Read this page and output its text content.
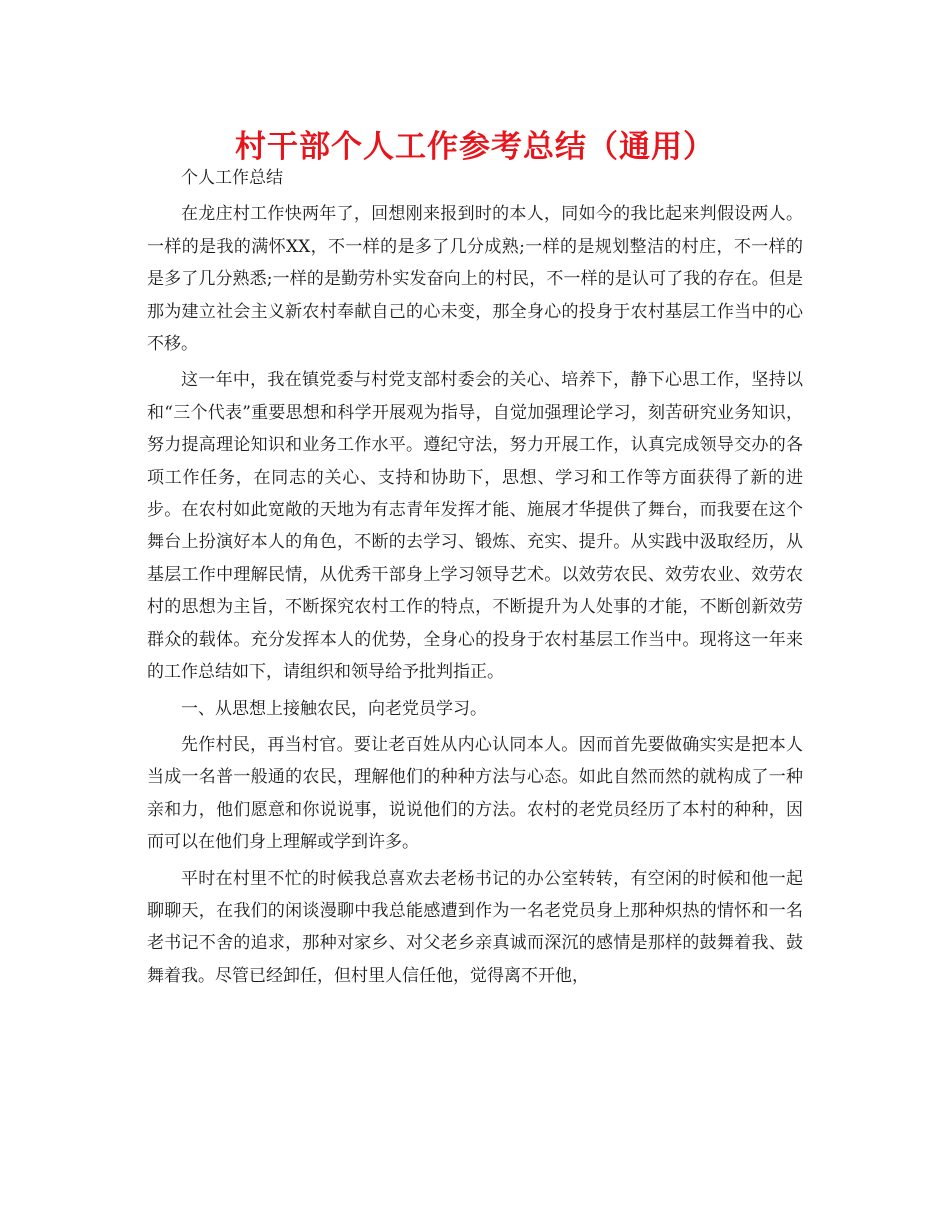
村干部个人工作参考总结（通用）

个人工作总结

在龙庄村工作快两年了，回想刚来报到时的本人，同如今的我比起来判假设两人。一样的是我的满怀XX，不一样的是多了几分成熟;一样的是规划整洁的村庄，不一样的是多了几分熟悉;一样的是勤劳朴实发奋向上的村民，不一样的是认可了我的存在。但是那为建立社会主义新农村奉献自己的心未变，那全身心的投身于农村基层工作当中的心不移。

这一年中，我在镇党委与村党支部村委会的关心、培养下，静下心思工作，坚持以和“三个代表”重要思想和科学开展观为指导，自觉加强理论学习，刻苦研究业务知识，努力提高理论知识和业务工作水平。遵纪守法，努力开展工作，认真完成领导交办的各项工作任务，在同志的关心、支持和协助下，思想、学习和工作等方面获得了新的进步。在农村如此宽敞的天地为有志青年发挥才能、施展才华提供了舞台，而我要在这个舞台上扮演好本人的角色，不断的去学习、锻炼、充实、提升。从实践中汲取经历，从基层工作中理解民情，从优秀干部身上学习领导艺术。以效劳农民、效劳农业、效劳农村的思想为主旨，不断探究农村工作的特点，不断提升为人处事的才能，不断创新效劳群众的载体。充分发挥本人的优势，全身心的投身于农村基层工作当中。现将这一年来的工作总结如下，请组织和领导给予批判指正。

一、从思想上接触农民，向老党员学习。

先作村民，再当村官。要让老百姓从内心认同本人。因而首先要做确实实是把本人当成一名普一般通的农民，理解他们的种种方法与心态。如此自然而然的就构成了一种亲和力，他们愿意和你说说事，说说他们的方法。农村的老党员经历了本村的种种，因而可以在他们身上理解或学到许多。

平时在村里不忙的时候我总喜欢去老杨书记的办公室转转，有空闲的时候和他一起聊聊天，在我们的闲谈漫聊中我总能感遭到作为一名老党员身上那种炽热的情怀和一名老书记不舍的追求，那种对家乡、对父老乡亲真诚而深沉的感情是那样的鼓舞着我、鼓舞着我。尽管已经卸任，但村里人信任他，觉得离不开他，
